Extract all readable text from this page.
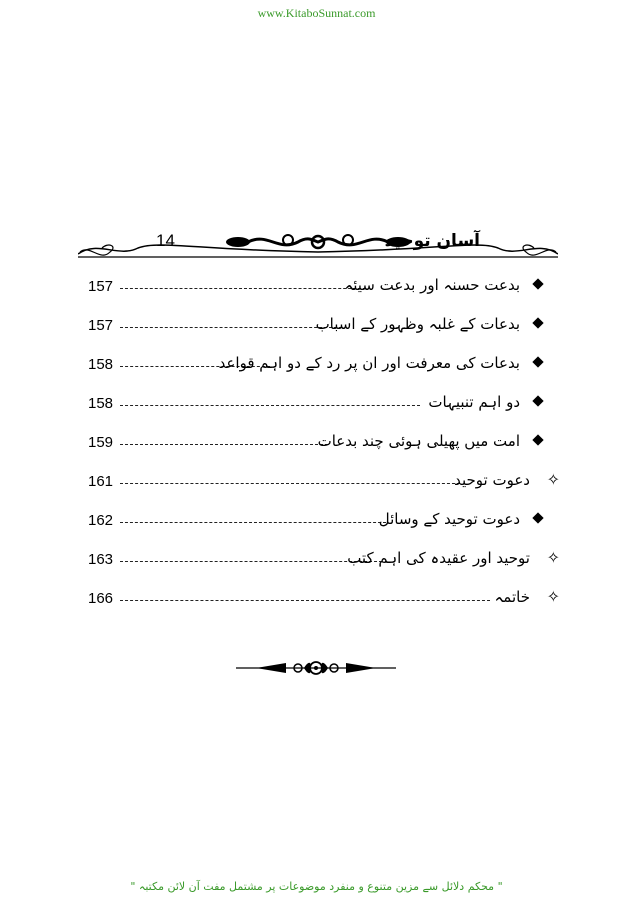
www.KitaboSunnat.com
آسان توحید
14
157	بدعت حسنہ اور بدعت سیئہ
157	بدعات کے غلبہ وظہور کے اسباب
158	بدعات کی معرفت اور ان پر رد کے دو اہم قواعد
158	دو اہم تنبیہات
159	امت میں پھیلی ہوئی چند بدعات
161	دعوت توحید ✧
162	دعوت توحید کے وسائل
163	توحید اور عقیدہ کی اہم کتب ✧
166	خاتمہ ✧
" محکم دلائل سے مزین متنوع و منفرد موضوعات پر مشتمل مفت آن لائن مکتبہ "
